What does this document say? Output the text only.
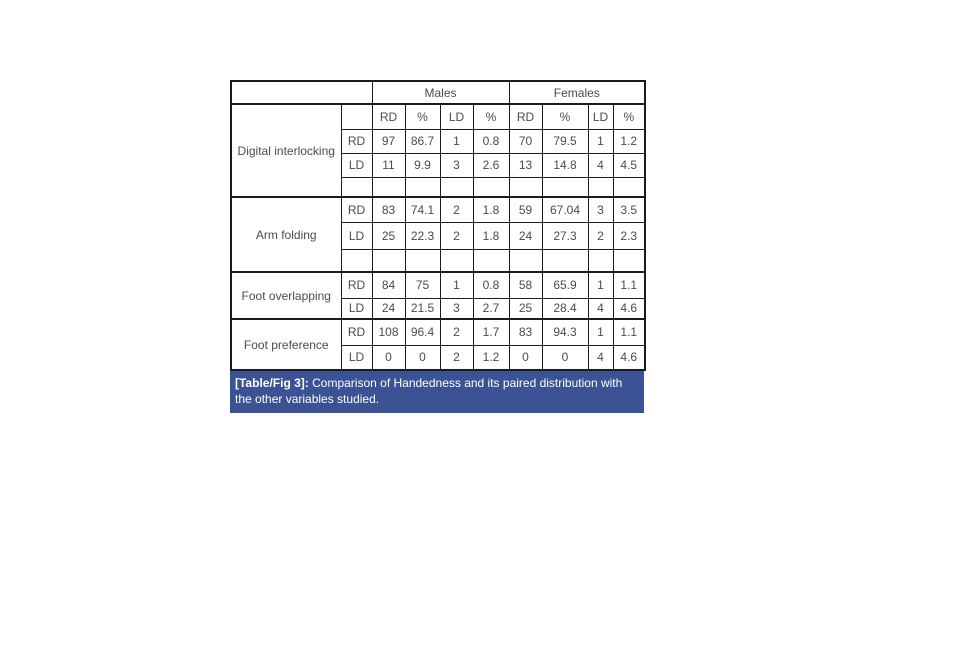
		Males				Females			
Digital interlocking		RD	%	LD	%	RD	%	LD	%
	RD	97	86.7	1	0.8	70	79.5	1	1.2
	LD	11	9.9	3	2.6	13	14.8	4	4.5

Arm folding	RD	83	74.1	2	1.8	59	67.04	3	3.5
	LD	25	22.3	2	1.8	24	27.3	2	2.3

Foot overlapping	RD	84	75	1	0.8	58	65.9	1	1.1
	LD	24	21.5	3	2.7	25	28.4	4	4.6
Foot preference	RD	108	96.4	2	1.7	83	94.3	1	1.1
	LD	0	0	2	1.2	0	0	4	4.6
[Table/Fig 3]: Comparison of Handedness and its paired distribution with the other variables studied.
